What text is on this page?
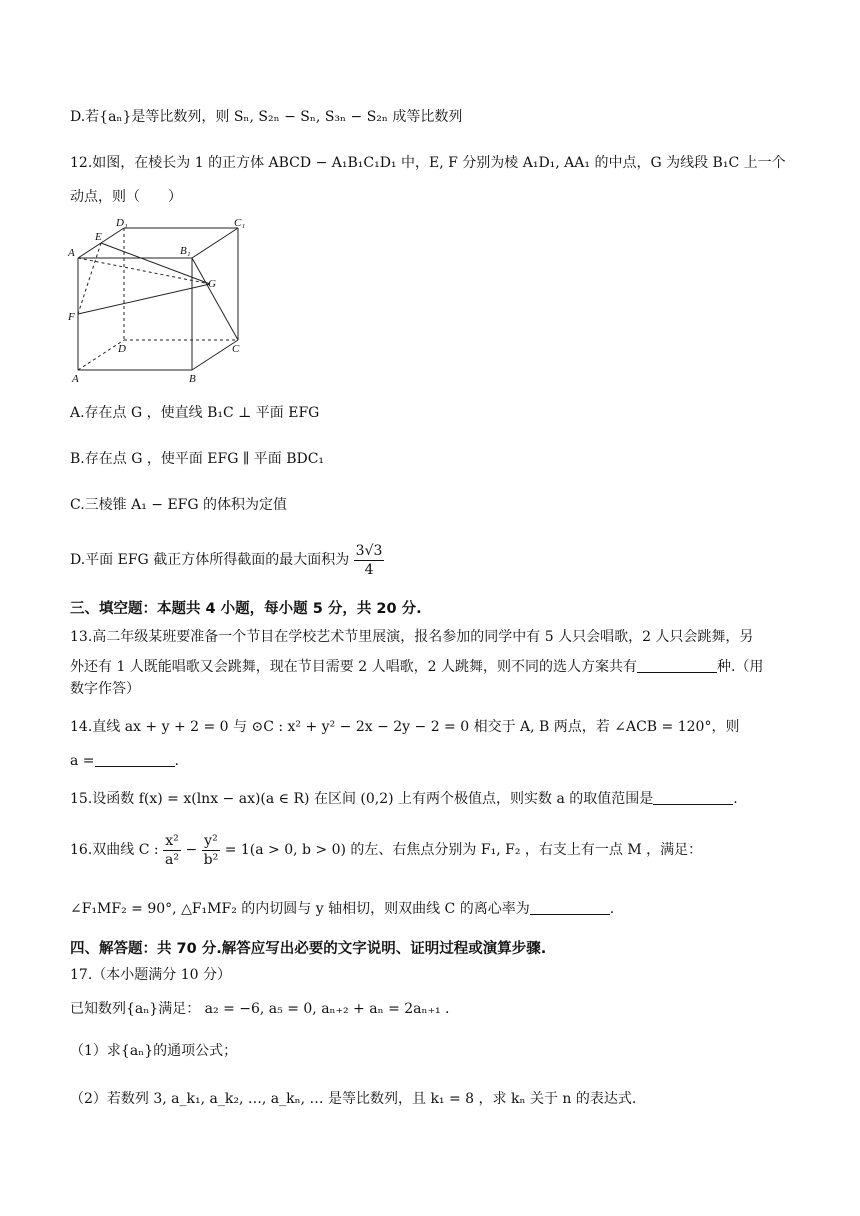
D.若{aₙ}是等比数列，则 Sₙ, S₂ₙ − Sₙ, S₃ₙ − S₂ₙ 成等比数列
12.如图，在棱长为 1 的正方体 ABCD − A₁B₁C₁D₁ 中，E, F 分别为棱 A₁D₁, AA₁ 的中点，G 为线段 B₁C 上一个
动点，则（　　）
D₁	C₁
A
E
B₁
G
F
D	C
A	B
A.存在点 G ，使直线 B₁C ⊥ 平面 EFG
B.存在点 G ，使平面 EFG ∥ 平面 BDC₁
C.三棱锥 A₁ − EFG 的体积为定值
D.平面 EFG 截正方体所得截面的最大面积为 $\frac{3√3}{4}$
三、填空题：本题共 4 小题，每小题 5 分，共 20 分.
13.高二年级某班要准备一个节目在学校艺术节里展演，报名参加的同学中有 5 人只会唱歌，2 人只会跳舞，另
外还有 1 人既能唱歌又会跳舞，现在节目需要 2 人唱歌，2 人跳舞，则不同的选人方案共有	种.（用
数字作答）
14.直线 ax + y + 2 = 0 与 ⊙C : x² + y² − 2x − 2y − 2 = 0 相交于 A, B 两点，若 ∠ACB = 120°，则
a =	.
15.设函数 f(x) = x(lnx − ax)(a ∈ R) 在区间 (0,2) 上有两个极值点，则实数 a 的取值范围是	.
16.双曲线 C : $\frac{\text{x²}}{\text{a²}} - \frac{\text{y²}}{\text{b²}} = 1(a > 0$, b > 0) 的左、右焦点分别为 F₁, F₂ ，右支上有一点 M ，满足：
∠F₁MF₂ = 90°, △F₁MF₂ 的内切圆与 y 轴相切，则双曲线 C 的离心率为	.
四、解答题：共 70 分.解答应写出必要的文字说明、证明过程或演算步骤.
17.（本小题满分 10 分）
已知数列{aₙ}满足： a₂ = −6, a₅ = 0, aₙ₊₂ + aₙ = 2aₙ₊₁ .
（1）求{aₙ}的通项公式；
（2）若数列 3, a_k₁, a_k₂, …, a_kₙ, … 是等比数列，且 k₁ = 8 ，求 kₙ 关于 n 的表达式.
